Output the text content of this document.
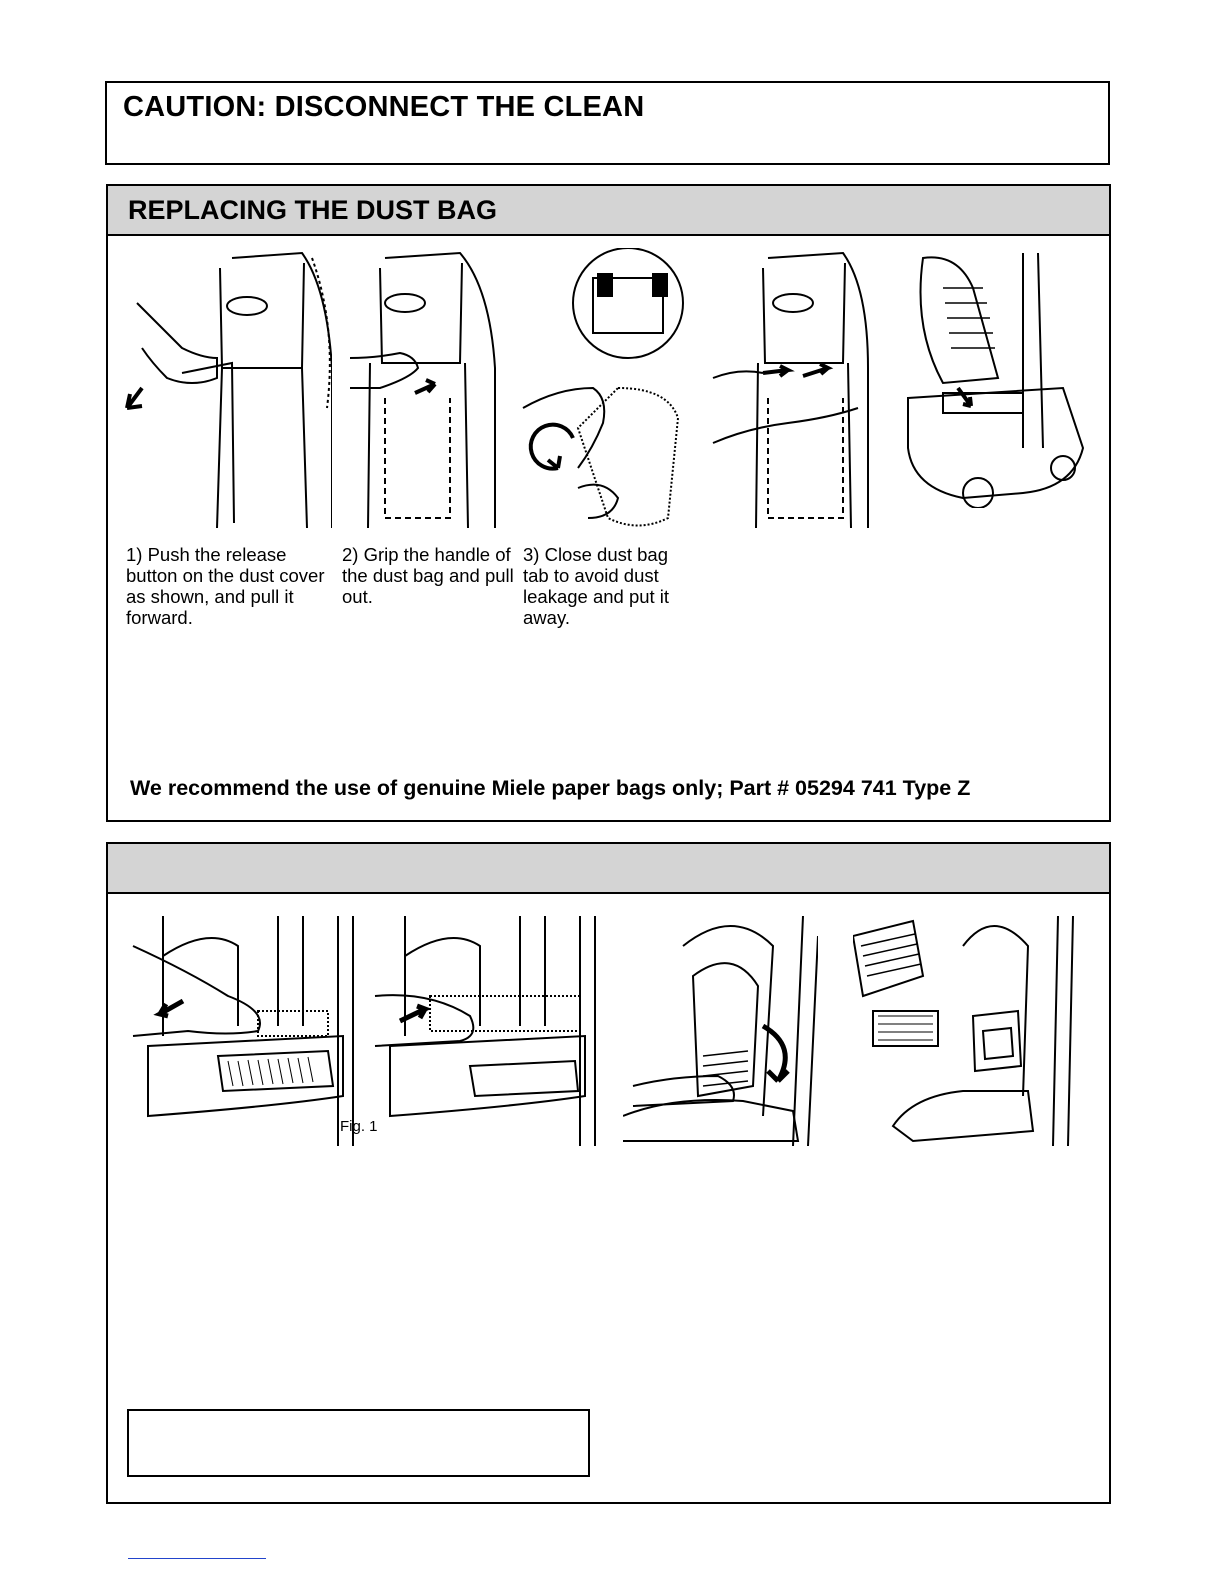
CAUTION: DISCONNECT THE CLEAN
REPLACING THE DUST BAG
1) Push the release button on the dust cover as shown, and pull it forward.
2) Grip the handle of the dust bag and pull out.
3) Close dust bag tab to avoid dust leakage and put it away.
We recommend the use of genuine Miele paper bags only; Part # 05294 741 Type Z
Fig. 1
